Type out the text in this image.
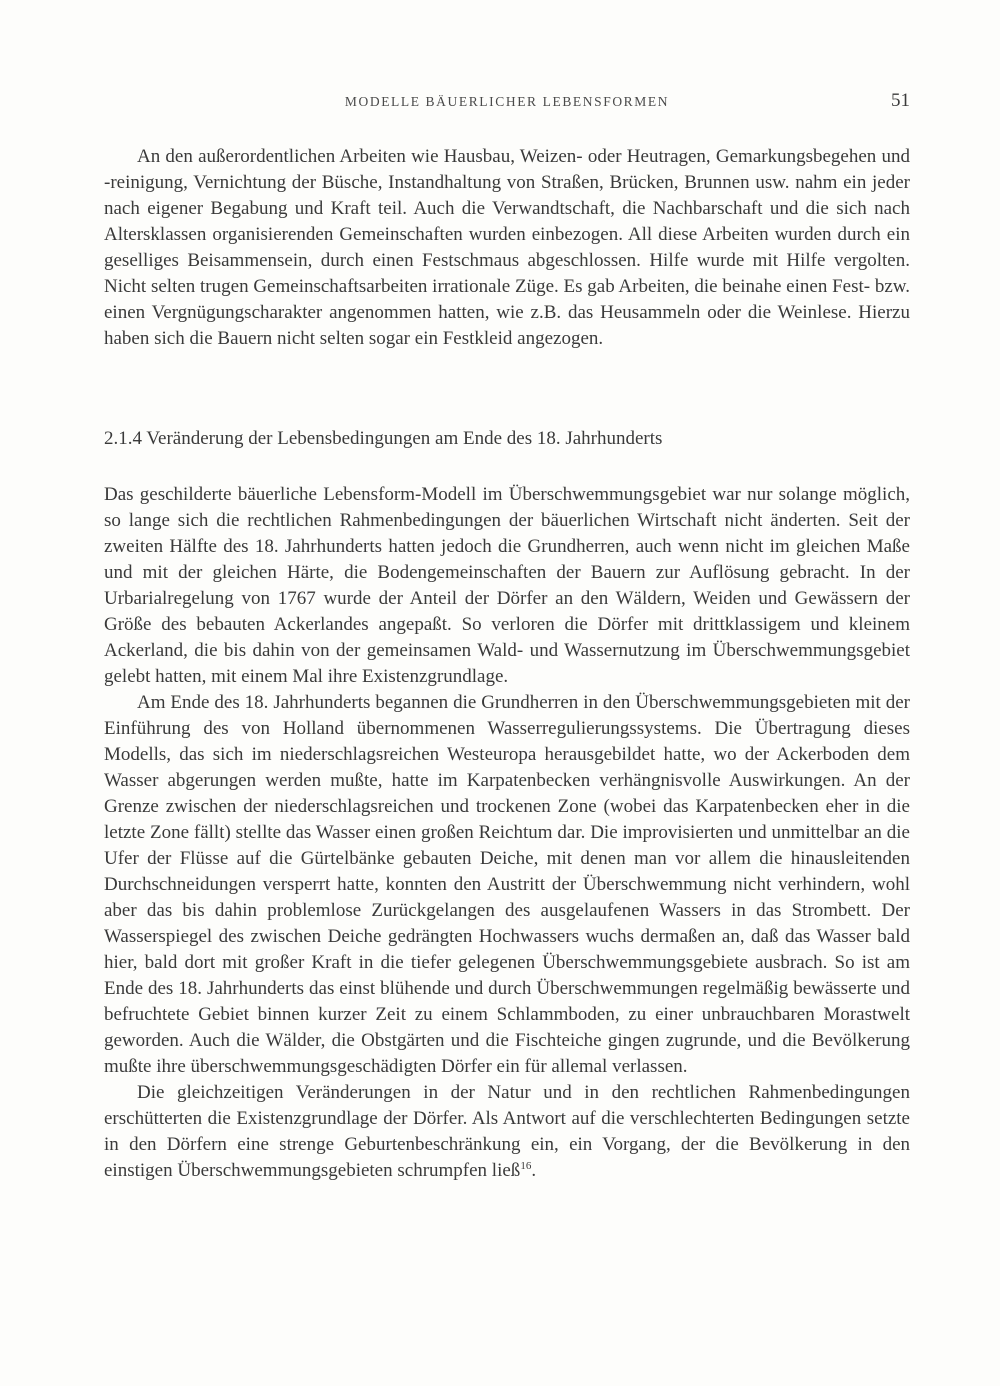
MODELLE BÄUERLICHER LEBENSFORMEN	51

An den außerordentlichen Arbeiten wie Hausbau, Weizen- oder Heutragen, Gemarkungsbegehen und -reinigung, Vernichtung der Büsche, Instandhaltung von Straßen, Brücken, Brunnen usw. nahm ein jeder nach eigener Begabung und Kraft teil. Auch die Verwandtschaft, die Nachbarschaft und die sich nach Altersklassen organisierenden Gemeinschaften wurden einbezogen. All diese Arbeiten wurden durch ein geselliges Beisammensein, durch einen Festschmaus abgeschlossen. Hilfe wurde mit Hilfe vergolten. Nicht selten trugen Gemeinschaftsarbeiten irrationale Züge. Es gab Arbeiten, die beinahe einen Fest- bzw. einen Vergnügungscharakter angenommen hatten, wie z.B. das Heusammeln oder die Weinlese. Hierzu haben sich die Bauern nicht selten sogar ein Festkleid angezogen.

2.1.4 Veränderung der Lebensbedingungen am Ende des 18. Jahrhunderts

Das geschilderte bäuerliche Lebensform-Modell im Überschwemmungsgebiet war nur solange möglich, so lange sich die rechtlichen Rahmenbedingungen der bäuerlichen Wirtschaft nicht änderten. Seit der zweiten Hälfte des 18. Jahrhunderts hatten jedoch die Grundherren, auch wenn nicht im gleichen Maße und mit der gleichen Härte, die Bodengemeinschaften der Bauern zur Auflösung gebracht. In der Urbarialregelung von 1767 wurde der Anteil der Dörfer an den Wäldern, Weiden und Gewässern der Größe des bebauten Ackerlandes angepaßt. So verloren die Dörfer mit drittklassigem und kleinem Ackerland, die bis dahin von der gemeinsamen Wald- und Wassernutzung im Überschwemmungsgebiet gelebt hatten, mit einem Mal ihre Existenzgrundlage.

Am Ende des 18. Jahrhunderts begannen die Grundherren in den Überschwemmungsgebieten mit der Einführung des von Holland übernommenen Wasserregulierungssystems. Die Übertragung dieses Modells, das sich im niederschlagsreichen Westeuropa herausgebildet hatte, wo der Ackerboden dem Wasser abgerungen werden mußte, hatte im Karpatenbecken verhängnisvolle Auswirkungen. An der Grenze zwischen der niederschlagsreichen und trockenen Zone (wobei das Karpatenbecken eher in die letzte Zone fällt) stellte das Wasser einen großen Reichtum dar. Die improvisierten und unmittelbar an die Ufer der Flüsse auf die Gürtelbänke gebauten Deiche, mit denen man vor allem die hinausleitenden Durchschneidungen versperrt hatte, konnten den Austritt der Überschwemmung nicht verhindern, wohl aber das bis dahin problemlose Zurückgelangen des ausgelaufenen Wassers in das Strombett. Der Wasserspiegel des zwischen Deiche gedrängten Hochwassers wuchs dermaßen an, daß das Wasser bald hier, bald dort mit großer Kraft in die tiefer gelegenen Überschwemmungsgebiete ausbrach. So ist am Ende des 18. Jahrhunderts das einst blühende und durch Überschwemmungen regelmäßig bewässerte und befruchtete Gebiet binnen kurzer Zeit zu einem Schlammboden, zu einer unbrauchbaren Morastwelt geworden. Auch die Wälder, die Obstgärten und die Fischteiche gingen zugrunde, und die Bevölkerung mußte ihre überschwemmungsgeschädigten Dörfer ein für allemal verlassen.

Die gleichzeitigen Veränderungen in der Natur und in den rechtlichen Rahmenbedingungen erschütterten die Existenzgrundlage der Dörfer. Als Antwort auf die verschlechterten Bedingungen setzte in den Dörfern eine strenge Geburtenbeschränkung ein, ein Vorgang, der die Bevölkerung in den einstigen Überschwemmungsgebieten schrumpfen ließ$^{16}$.
